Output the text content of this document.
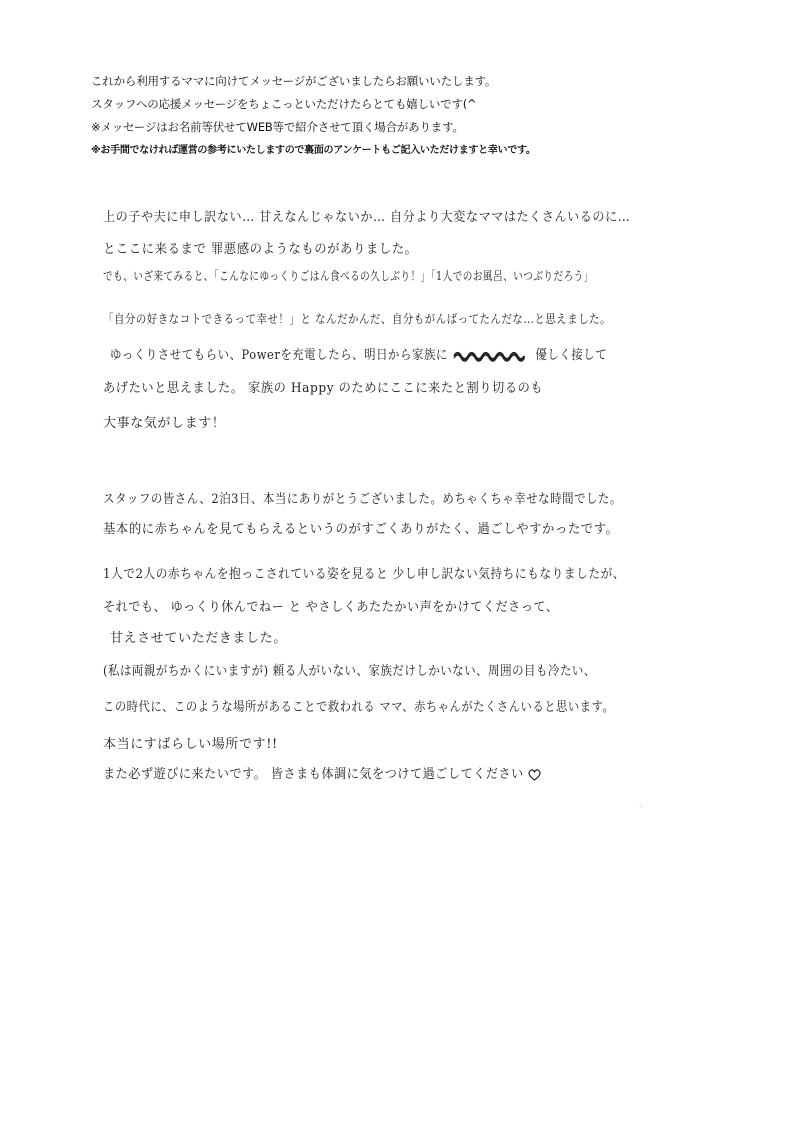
これから利用するママに向けてメッセージがございましたらお願いいたします。
スタッフへの応援メッセージをちょこっといただけたらとても嬉しいです(^
※メッセージはお名前等伏せてWEB等で紹介させて頂く場合があります。
※お手間でなければ運営の参考にいたしますので裏面のアンケートもご記入いただけますと幸いです。
上の子や夫に申し訳ない… 甘えなんじゃないか… 自分より大変なママはたくさんいるのに…
とここに来るまで 罪悪感のようなものがありました。
でも、いざ来てみると、「こんなにゆっくりごはん食べるの久しぶり！」「1人でのお風呂、いつぶりだろう」
「自分の好きなコトできるって幸せ！」と なんだかんだ、自分もがんばってたんだな…と思えました。
ゆっくりさせてもらい、Powerを充電したら、明日から家族に	優しく接して
あげたいと思えました。 家族の Happy のためにここに来たと割り切るのも
大事な気がします！
スタッフの皆さん、2泊3日、本当にありがとうございました。めちゃくちゃ幸せな時間でした。
基本的に赤ちゃんを見てもらえるというのがすごくありがたく、過ごしやすかったです。
1人で2人の赤ちゃんを抱っこされている姿を見ると 少し申し訳ない気持ちにもなりましたが、
それでも、 ゆっくり休んでねー と やさしくあたたかい声をかけてくださって、
甘えさせていただきました。
(私は両親がちかくにいますが) 頼る人がいない、家族だけしかいない、周囲の目も冷たい、
この時代に、このような場所があることで救われる ママ、赤ちゃんがたくさんいると思います。
本当にすばらしい場所です!!
また必ず遊びに来たいです。 皆さまも体調に気をつけて過ごしてください
·̈
